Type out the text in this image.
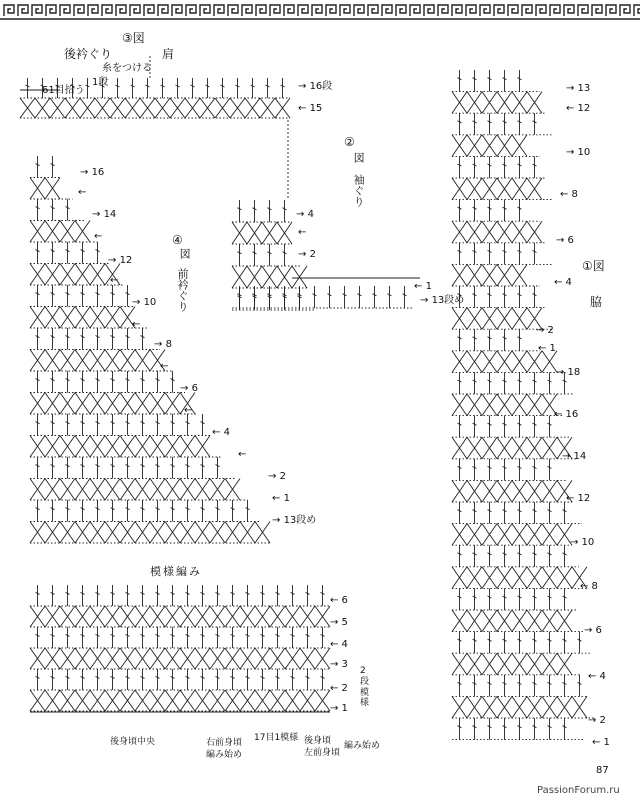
③図
後衿ぐり	肩
糸をつける
1段
61目拾う	→ 16段
← 15
②
図
袖ぐり
→ 4
←
→ 2
← 1
→ 13段め
④
図
前衿ぐり
→ 16
←
→ 14
←
→ 12
←
→ 10
←
→ 8
←
→ 6
←
← 4
←
→ 2
← 1
→ 13段め
①図
脇
→ 13
← 12
→ 10
← 8
→ 6
← 4
→ 2
← 1
→ 18
← 16
→ 14
← 12
→ 10
← 8
→ 6
← 4
→ 2
← 1
模様編み
← 6
→ 5
← 4
→ 3
← 2
→ 1
2段模様
後身頃中央	右前身頃
編み始め
17目1模様 後身頃
左前身頃
編み始め
87
PassionForum.ru
